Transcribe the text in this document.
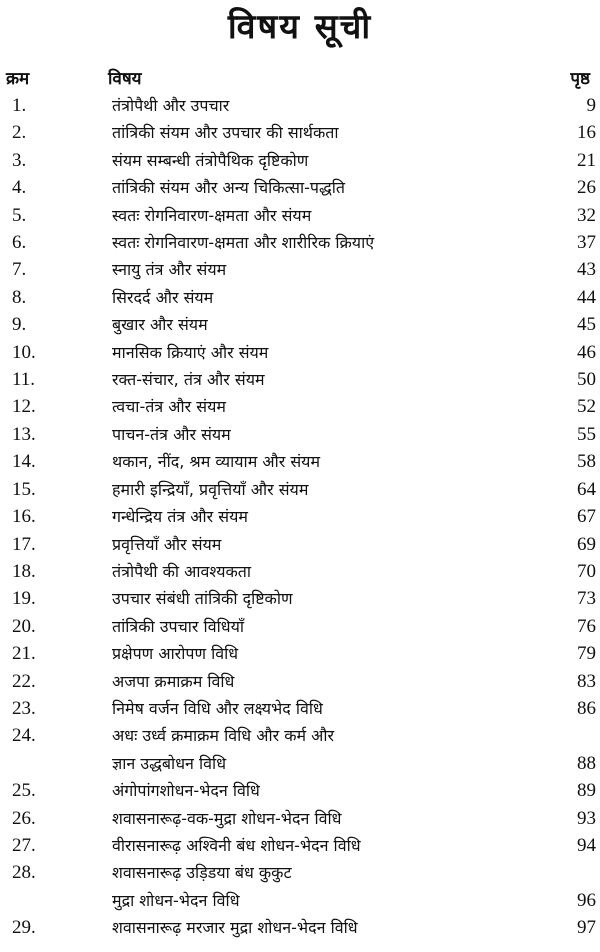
विषय सूची
क्रम	विषय	पृष्ठ
1.	तंत्रोपैथी और उपचार	9
2.	तांत्रिकी संयम और उपचार की सार्थकता	16
3.	संयम सम्बन्धी तंत्रोपैथिक दृष्टिकोण	21
4.	तांत्रिकी संयम और अन्य चिकित्सा-पद्धति	26
5.	स्वतः रोगनिवारण-क्षमता और संयम	32
6.	स्वतः रोगनिवारण-क्षमता और शारीरिक क्रियाएं	37
7.	स्नायु तंत्र और संयम	43
8.	सिरदर्द और संयम	44
9.	बुखार और संयम	45
10.	मानसिक क्रियाएं और संयम	46
11.	रक्त-संचार, तंत्र और संयम	50
12.	त्वचा-तंत्र और संयम	52
13.	पाचन-तंत्र और संयम	55
14.	थकान, नींद, श्रम व्यायाम और संयम	58
15.	हमारी इन्द्रियाँ, प्रवृत्तियाँ और संयम	64
16.	गन्धेन्द्रिय तंत्र और संयम	67
17.	प्रवृत्तियाँ और संयम	69
18.	तंत्रोपैथी की आवश्यकता	70
19.	उपचार संबंधी तांत्रिकी दृष्टिकोण	73
20.	तांत्रिकी उपचार विधियाँ	76
21.	प्रक्षेपण आरोपण विधि	79
22.	अजपा क्रमाक्रम विधि	83
23.	निमेष वर्जन विधि और लक्ष्यभेद विधि	86
24.	अधः उर्ध्व क्रमाक्रम विधि और कर्म और
ज्ञान उद्धबोधन विधि	88
25.	अंगोपांगशोधन-भेदन विधि	89
26.	शवासनारूढ़-वक-मुद्रा शोधन-भेदन विधि	93
27.	वीरासनारूढ़ अश्विनी बंध शोधन-भेदन विधि	94
28.	शवासनारूढ़ उड़िडया बंध कुकुट
मुद्रा शोधन-भेदन विधि	96
29.	शवासनारूढ़ मरजार मुद्रा शोधन-भेदन विधि	97
